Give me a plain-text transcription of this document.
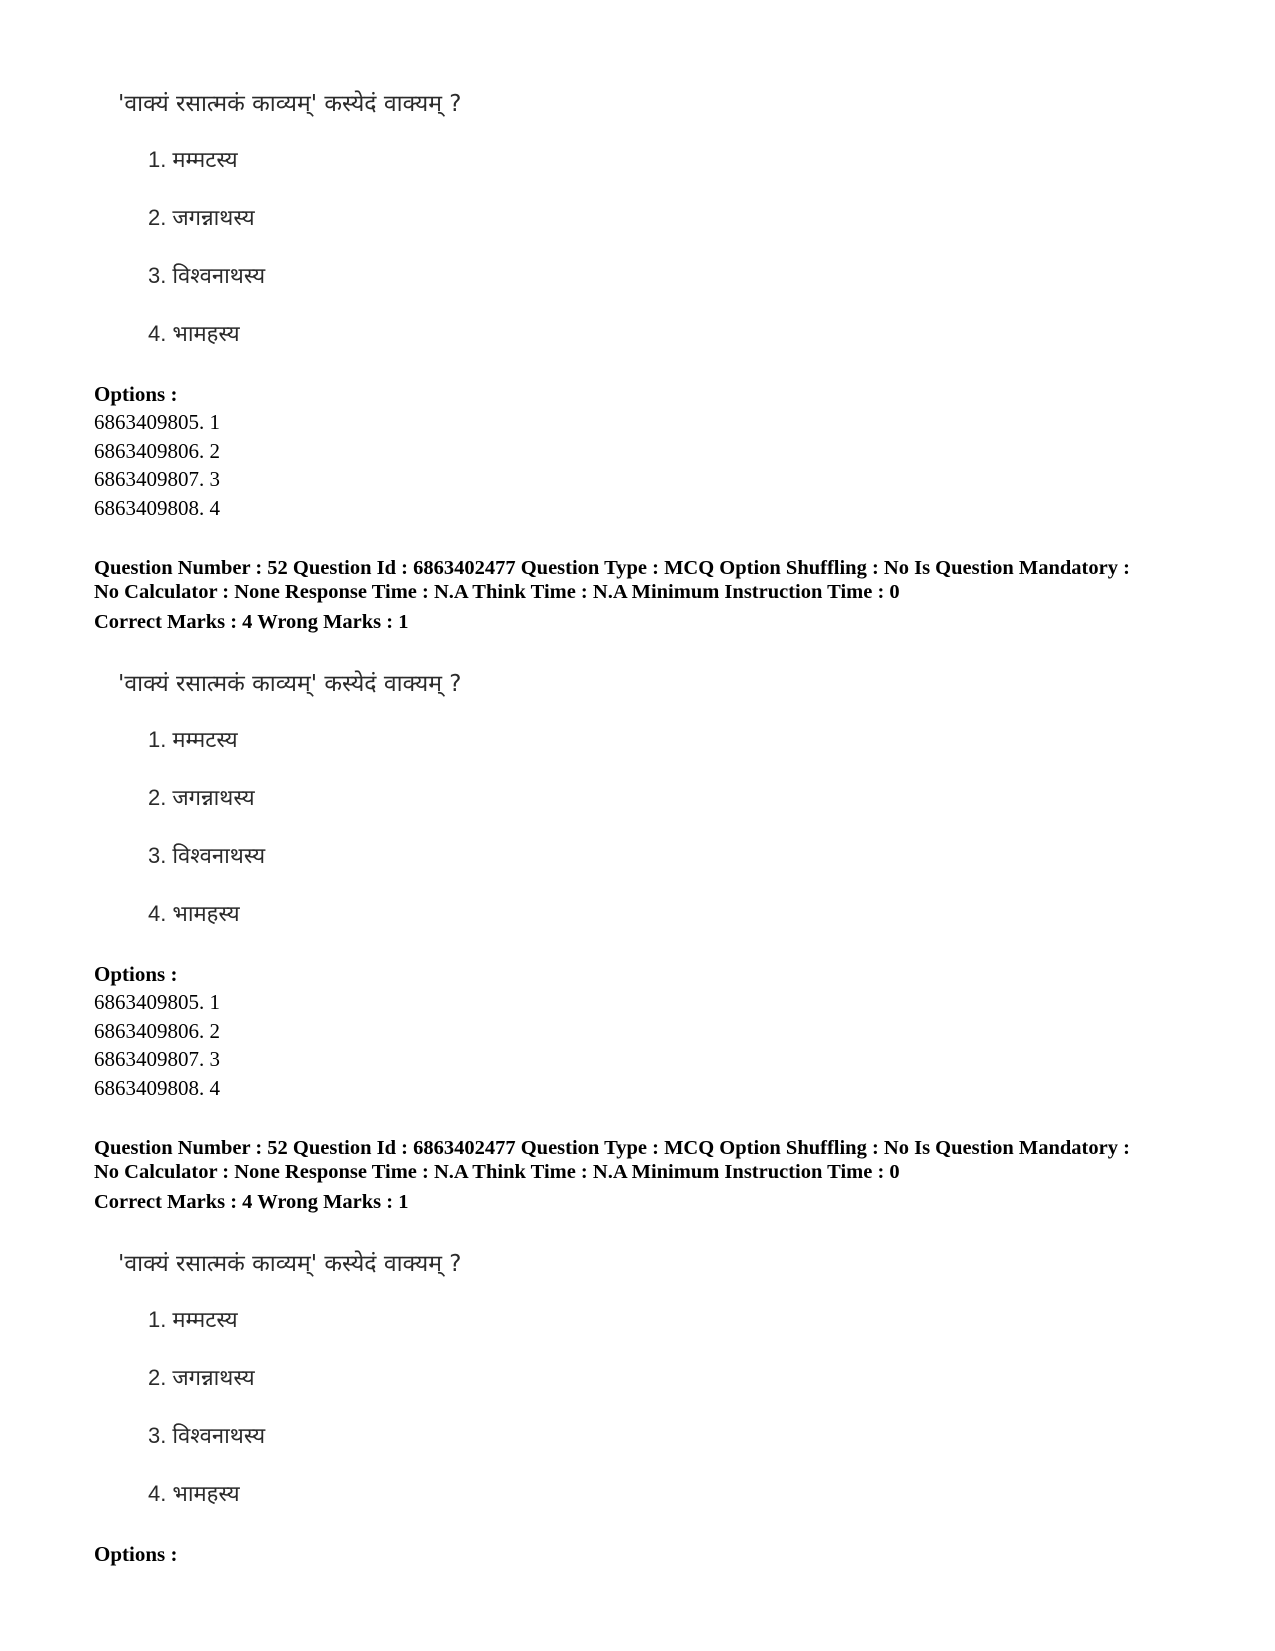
'वाक्यं रसात्मकं काव्यम्' कस्येदं वाक्यम् ?
1. मम्मटस्य
2. जगन्नाथस्य
3. विश्वनाथस्य
4. भामहस्य
Options :
6863409805. 1
6863409806. 2
6863409807. 3
6863409808. 4
Question Number : 52 Question Id : 6863402477 Question Type : MCQ Option Shuffling : No Is Question Mandatory :
No Calculator : None Response Time : N.A Think Time : N.A Minimum Instruction Time : 0
Correct Marks : 4 Wrong Marks : 1
'वाक्यं रसात्मकं काव्यम्' कस्येदं वाक्यम् ?
1. मम्मटस्य
2. जगन्नाथस्य
3. विश्वनाथस्य
4. भामहस्य
Options :
6863409805. 1
6863409806. 2
6863409807. 3
6863409808. 4
Question Number : 52 Question Id : 6863402477 Question Type : MCQ Option Shuffling : No Is Question Mandatory :
No Calculator : None Response Time : N.A Think Time : N.A Minimum Instruction Time : 0
Correct Marks : 4 Wrong Marks : 1
'वाक्यं रसात्मकं काव्यम्' कस्येदं वाक्यम् ?
1. मम्मटस्य
2. जगन्नाथस्य
3. विश्वनाथस्य
4. भामहस्य
Options :
